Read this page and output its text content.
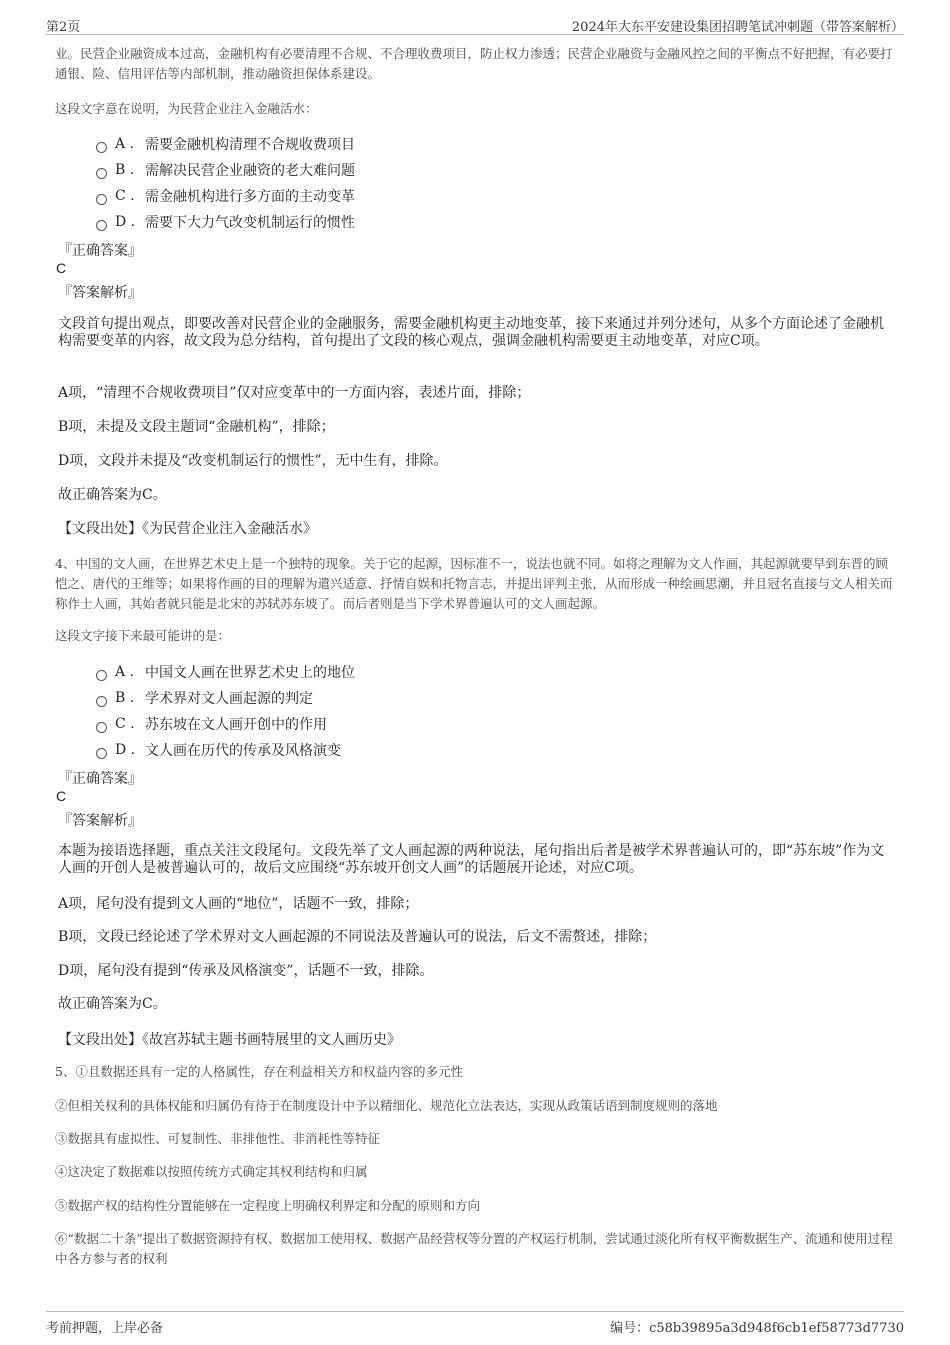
第2页	2024年大东平安建设集团招聘笔试冲刺题（带答案解析）
业。民营企业融资成本过高，金融机构有必要清理不合规、不合理收费项目，防止权力渗透；民营企业融资与金融风控之间的平衡点不好把握，有必要打通银、险、信用评估等内部机制，推动融资担保体系建设。
这段文字意在说明，为民营企业注入金融活水：
A . 需要金融机构清理不合规收费项目
B . 需解决民营企业融资的老大难问题
C . 需金融机构进行多方面的主动变革
D . 需要下大力气改变机制运行的惯性
『正确答案』
C
『答案解析』
文段首句提出观点，即要改善对民营企业的金融服务，需要金融机构更主动地变革，接下来通过并列分述句，从多个方面论述了金融机构需要变革的内容，故文段为总分结构，首句提出了文段的核心观点，强调金融机构需要更主动地变革，对应C项。
A项，“清理不合规收费项目”仅对应变革中的一方面内容，表述片面，排除；
B项，未提及文段主题词“金融机构”，排除；
D项，文段并未提及“改变机制运行的惯性”，无中生有，排除。
故正确答案为C。
【文段出处】《为民营企业注入金融活水》
4、中国的文人画，在世界艺术史上是一个独特的现象。关于它的起源，因标准不一，说法也就不同。如将之理解为文人作画，其起源就要早到东晋的顾恺之、唐代的王维等；如果将作画的目的理解为遣兴适意、抒情自娱和托物言志，并提出评判主张，从而形成一种绘画思潮，并且冠名直接与文人相关而称作士人画，其始者就只能是北宋的苏轼苏东坡了。而后者则是当下学术界普遍认可的文人画起源。
这段文字接下来最可能讲的是：
A . 中国文人画在世界艺术史上的地位
B . 学术界对文人画起源的判定
C . 苏东坡在文人画开创中的作用
D . 文人画在历代的传承及风格演变
『正确答案』
C
『答案解析』
本题为接语选择题，重点关注文段尾句。文段先举了文人画起源的两种说法，尾句指出后者是被学术界普遍认可的，即“苏东坡”作为文人画的开创人是被普遍认可的，故后文应围绕“苏东坡开创文人画”的话题展开论述，对应C项。
A项，尾句没有提到文人画的“地位”，话题不一致，排除；
B项，文段已经论述了学术界对文人画起源的不同说法及普遍认可的说法，后文不需赘述，排除；
D项，尾句没有提到“传承及风格演变”，话题不一致，排除。
故正确答案为C。
【文段出处】《故宫苏轼主题书画特展里的文人画历史》
5、①且数据还具有一定的人格属性，存在利益相关方和权益内容的多元性
②但相关权利的具体权能和归属仍有待于在制度设计中予以精细化、规范化立法表达，实现从政策话语到制度规则的落地
③数据具有虚拟性、可复制性、非排他性、非消耗性等特征
④这决定了数据难以按照传统方式确定其权利结构和归属
⑤数据产权的结构性分置能够在一定程度上明确权利界定和分配的原则和方向
⑥“数据二十条”提出了数据资源持有权、数据加工使用权、数据产品经营权等分置的产权运行机制，尝试通过淡化所有权平衡数据生产、流通和使用过程中各方参与者的权利
考前押题，上岸必备	编号：c58b39895a3d948f6cb1ef58773d7730
